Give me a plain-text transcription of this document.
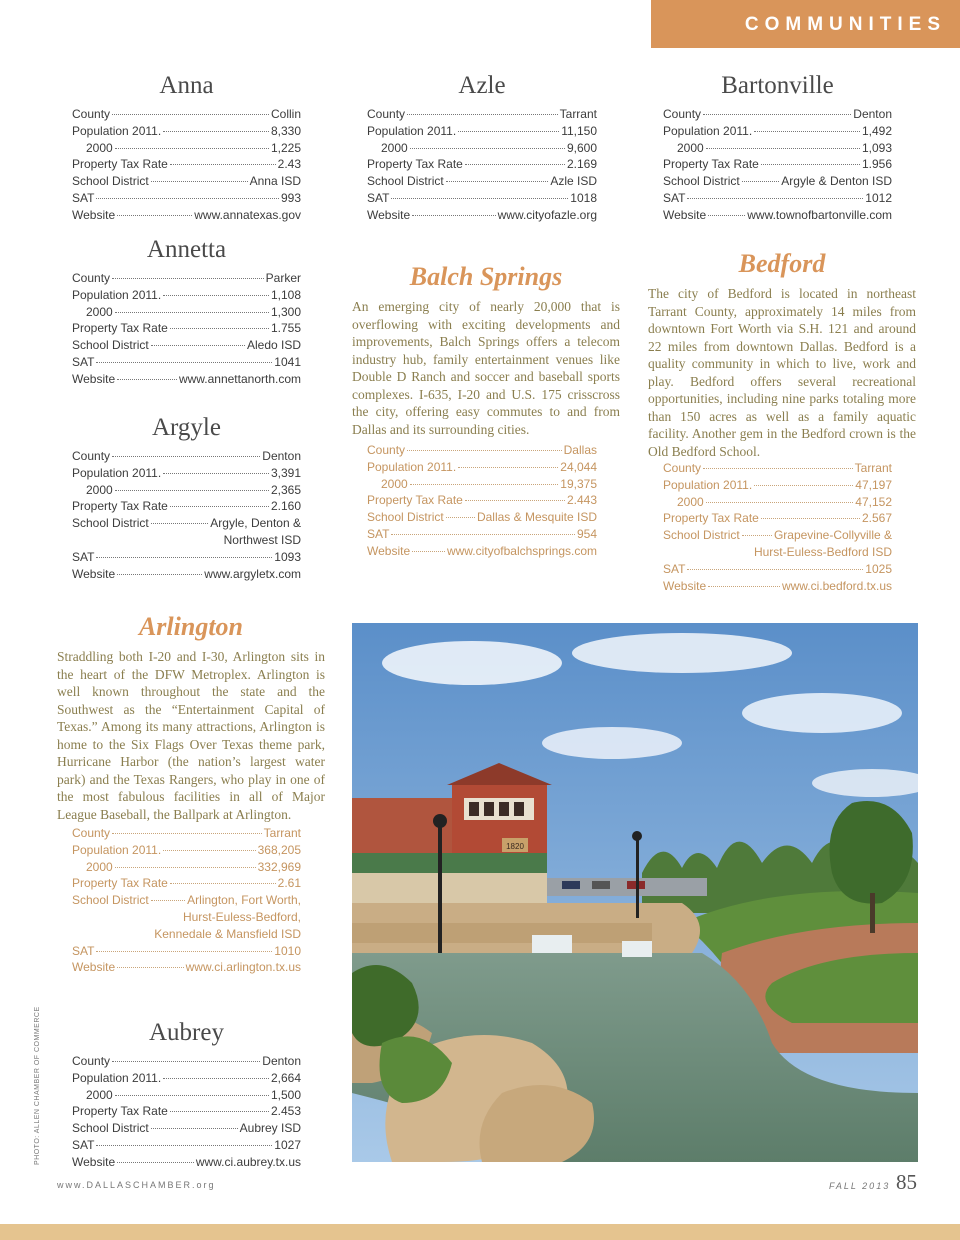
COMMUNITIES
Anna
County	Collin
Population 2011.	8,330
2000	1,225
Property Tax Rate	2.43
School District	Anna ISD
SAT	993
Website	www.annatexas.gov
Annetta
County	Parker
Population 2011.	1,108
2000	1,300
Property Tax Rate	1.755
School District	Aledo ISD
SAT	1041
Website	www.annettanorth.com
Argyle
County	Denton
Population 2011.	3,391
2000	2,365
Property Tax Rate	2.160
School District	Argyle, Denton &
Northwest ISD
SAT	1093
Website	www.argyletx.com
Arlington

Straddling both I-20 and I-30, Arlington sits in the heart of the DFW Metroplex. Arlington is well known throughout the state and the Southwest as the “Entertainment Capital of Texas.” Among its many attractions, Arlington is home to the Six Flags Over Texas theme park, Hurricane Harbor (the nation’s largest water park) and the Texas Rangers, who play in one of the most fabulous facilities in all of Major League Baseball, the Ballpark at Arlington.

County	Tarrant
Population 2011.	368,205
2000	332,969
Property Tax Rate	2.61
School District	Arlington, Fort Worth,
Hurst-Euless-Bedford,
Kennedale & Mansfield ISD
SAT	1010
Website	www.ci.arlington.tx.us
Aubrey
County	Denton
Population 2011.	2,664
2000	1,500
Property Tax Rate	2.453
School District	Aubrey ISD
SAT	1027
Website	www.ci.aubrey.tx.us
Azle
County	Tarrant
Population 2011.	11,150
2000	9,600
Property Tax Rate	2.169
School District	Azle ISD
SAT	1018
Website	www.cityofazle.org
Balch Springs

An emerging city of nearly 20,000 that is overflowing with exciting developments and improvements, Balch Springs offers a telecom industry hub, family entertainment venues like Double D Ranch and soccer and baseball sports complexes. I-635, I-20 and U.S. 175 crisscross the city, offering easy commutes to and from Dallas and its surrounding cities.

County	Dallas
Population 2011.	24,044
2000	19,375
Property Tax Rate	2.443
School District	Dallas & Mesquite ISD
SAT	954
Website	www.cityofbalchsprings.com
Bartonville
County	Denton
Population 2011.	1,492
2000	1,093
Property Tax Rate	1.956
School District	Argyle & Denton ISD
SAT	1012
Website	www.townofbartonville.com
Bedford

The city of Bedford is located in northeast Tarrant County, approximately 14 miles from downtown Fort Worth via S.H. 121 and around 22 miles from downtown Dallas. Bedford is a quality community in which to live, work and play. Bedford offers several recreational opportunities, including nine parks totaling more than 150 acres as well as a family aquatic facility. Another gem in the Bedford crown is the Old Bedford School.

County	Tarrant
Population 2011.	47,197
2000	47,152
Property Tax Rate	2.567
School District	Grapevine-Collyville &
Hurst-Euless-Bedford ISD
SAT	1025
Website	www.ci.bedford.tx.us
1820
PHOTO: ALLEN CHAMBER OF COMMERCE
www.DALLASCHAMBER.org	FALL 2013 85
